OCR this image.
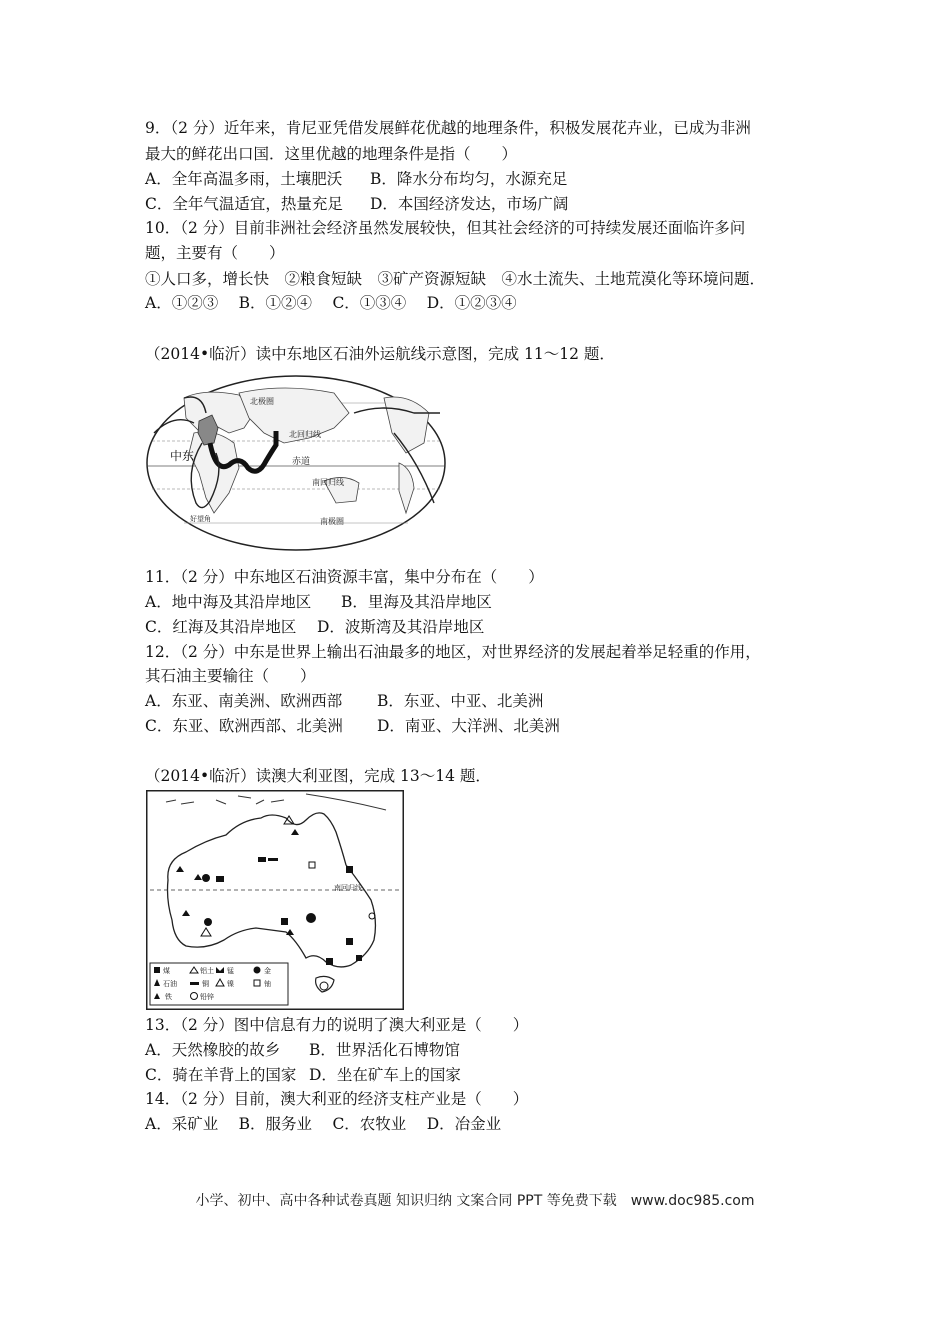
9．（2 分）近年来，肯尼亚凭借发展鲜花优越的地理条件，积极发展花卉业，已成为非洲
最大的鲜花出口国．这里优越的地理条件是指（　　）
A．全年高温多雨，土壤肥沃 B．降水分布均匀，水源充足
C．全年气温适宜，热量充足 D．本国经济发达，市场广阔
10．（2 分）目前非洲社会经济虽然发展较快，但其社会经济的可持续发展还面临许多问
题，主要有（　　）
①人口多，增长快　②粮食短缺　③矿产资源短缺　④水土流失、土地荒漠化等环境问题．
A．①②③　 B．①②④　 C．①③④　 D．①②③④
（2014•临沂）读中东地区石油外运航线示意图，完成 11～12 题．
北极圈
北回归线
赤道
南回归线
南极圈
中东
好望角
11．（2 分）中东地区石油资源丰富，集中分布在（　　）
A．地中海及其沿岸地区 B．里海及其沿岸地区
C．红海及其沿岸地区 D．波斯湾及其沿岸地区
12．（2 分）中东是世界上输出石油最多的地区，对世界经济的发展起着举足轻重的作用，
其石油主要输往（　　）
A．东亚、南美洲、欧洲西部 B．东亚、中亚、北美洲
C．东亚、欧洲西部、北美洲 D．南亚、大洋洲、北美洲
（2014•临沂）读澳大利亚图，完成 13～14 题．
南回归线
煤	铝土 锰	金
石油	铜	镍	铀
铁	铅锌
13．（2 分）图中信息有力的说明了澳大利亚是（　　）
A．天然橡胶的故乡 B．世界活化石博物馆
C．骑在羊背上的国家 D．坐在矿车上的国家
14．（2 分）目前，澳大利亚的经济支柱产业是（　　）
A．采矿业　 B．服务业　 C．农牧业　 D．冶金业
小学、初中、高中各种试卷真题 知识归纳 文案合同 PPT 等免费下载　www.doc985.com
